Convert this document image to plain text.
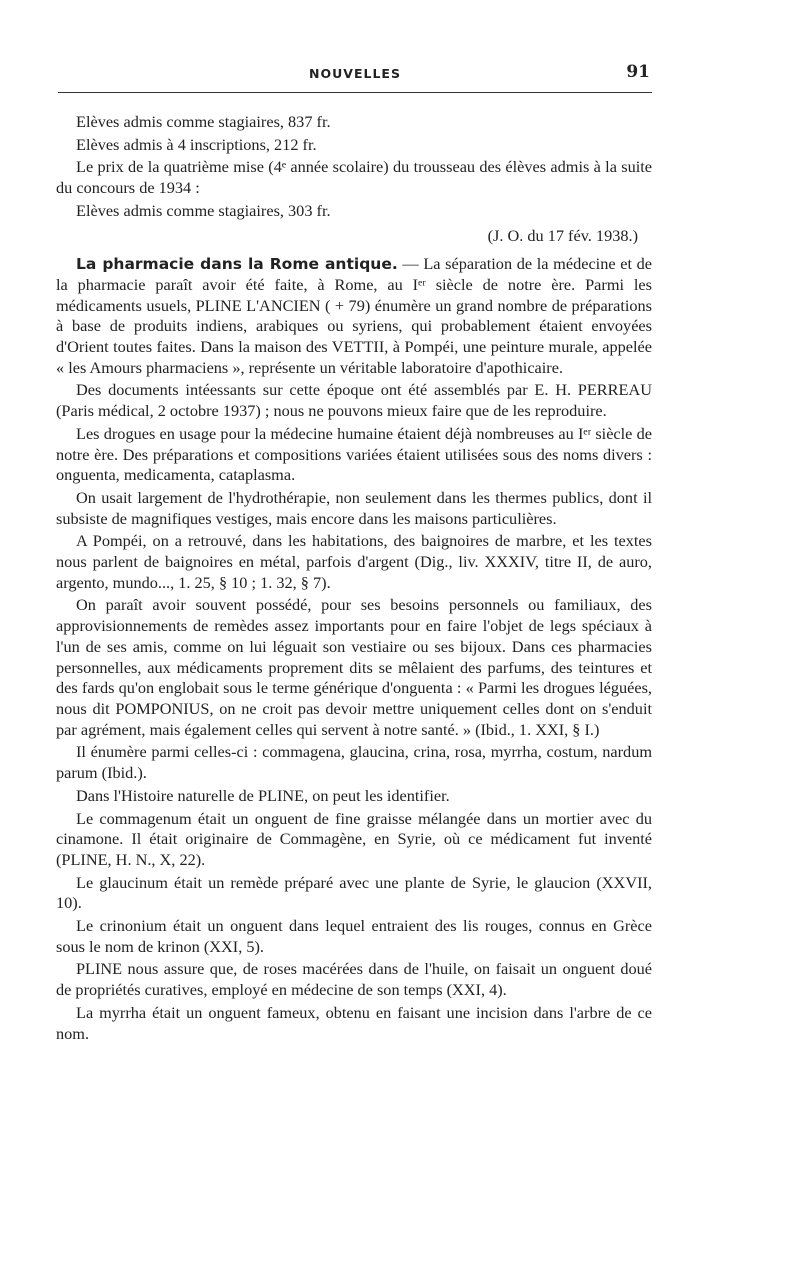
NOUVELLES	91

Elèves admis comme stagiaires, 837 fr.

Elèves admis à 4 inscriptions, 212 fr.

Le prix de la quatrième mise (4ᵉ année scolaire) du trousseau des élèves admis à la suite du concours de 1934 :

Elèves admis comme stagiaires, 303 fr.

(J. O. du 17 fév. 1938.)

La pharmacie dans la Rome antique. — La séparation de la médecine et de la pharmacie paraît avoir été faite, à Rome, au Iᵉʳ siècle de notre ère. Parmi les médicaments usuels, PLINE L'ANCIEN ( + 79) énumère un grand nombre de préparations à base de produits indiens, arabiques ou syriens, qui probablement étaient envoyées d'Orient toutes faites. Dans la maison des VETTII, à Pompéi, une peinture murale, appelée « les Amours pharmaciens », représente un véritable laboratoire d'apothicaire.

Des documents intéessants sur cette époque ont été assemblés par E. H. PERREAU (Paris médical, 2 octobre 1937) ; nous ne pouvons mieux faire que de les reproduire.

Les drogues en usage pour la médecine humaine étaient déjà nombreuses au Iᵉʳ siècle de notre ère. Des préparations et compositions variées étaient utilisées sous des noms divers : onguenta, medicamenta, cataplasma.

On usait largement de l'hydrothérapie, non seulement dans les thermes publics, dont il subsiste de magnifiques vestiges, mais encore dans les maisons particulières.

A Pompéi, on a retrouvé, dans les habitations, des baignoires de marbre, et les textes nous parlent de baignoires en métal, parfois d'argent (Dig., liv. XXXIV, titre II, de auro, argento, mundo..., 1. 25, § 10 ; 1. 32, § 7).

On paraît avoir souvent possédé, pour ses besoins personnels ou familiaux, des approvisionnements de remèdes assez importants pour en faire l'objet de legs spéciaux à l'un de ses amis, comme on lui léguait son vestiaire ou ses bijoux. Dans ces pharmacies personnelles, aux médicaments proprement dits se mêlaient des parfums, des teintures et des fards qu'on englobait sous le terme générique d'onguenta : « Parmi les drogues léguées, nous dit POMPONIUS, on ne croit pas devoir mettre uniquement celles dont on s'enduit par agrément, mais également celles qui servent à notre santé. » (Ibid., 1. XXI, § I.)

Il énumère parmi celles-ci : commagena, glaucina, crina, rosa, myrrha, costum, nardum parum (Ibid.).

Dans l'Histoire naturelle de PLINE, on peut les identifier.

Le commagenum était un onguent de fine graisse mélangée dans un mortier avec du cinamone. Il était originaire de Commagène, en Syrie, où ce médicament fut inventé (PLINE, H. N., X, 22).

Le glaucinum était un remède préparé avec une plante de Syrie, le glaucion (XXVII, 10).

Le crinonium était un onguent dans lequel entraient des lis rouges, connus en Grèce sous le nom de krinon (XXI, 5).

PLINE nous assure que, de roses macérées dans de l'huile, on faisait un onguent doué de propriétés curatives, employé en médecine de son temps (XXI, 4).

La myrrha était un onguent fameux, obtenu en faisant une incision dans l'arbre de ce nom.
